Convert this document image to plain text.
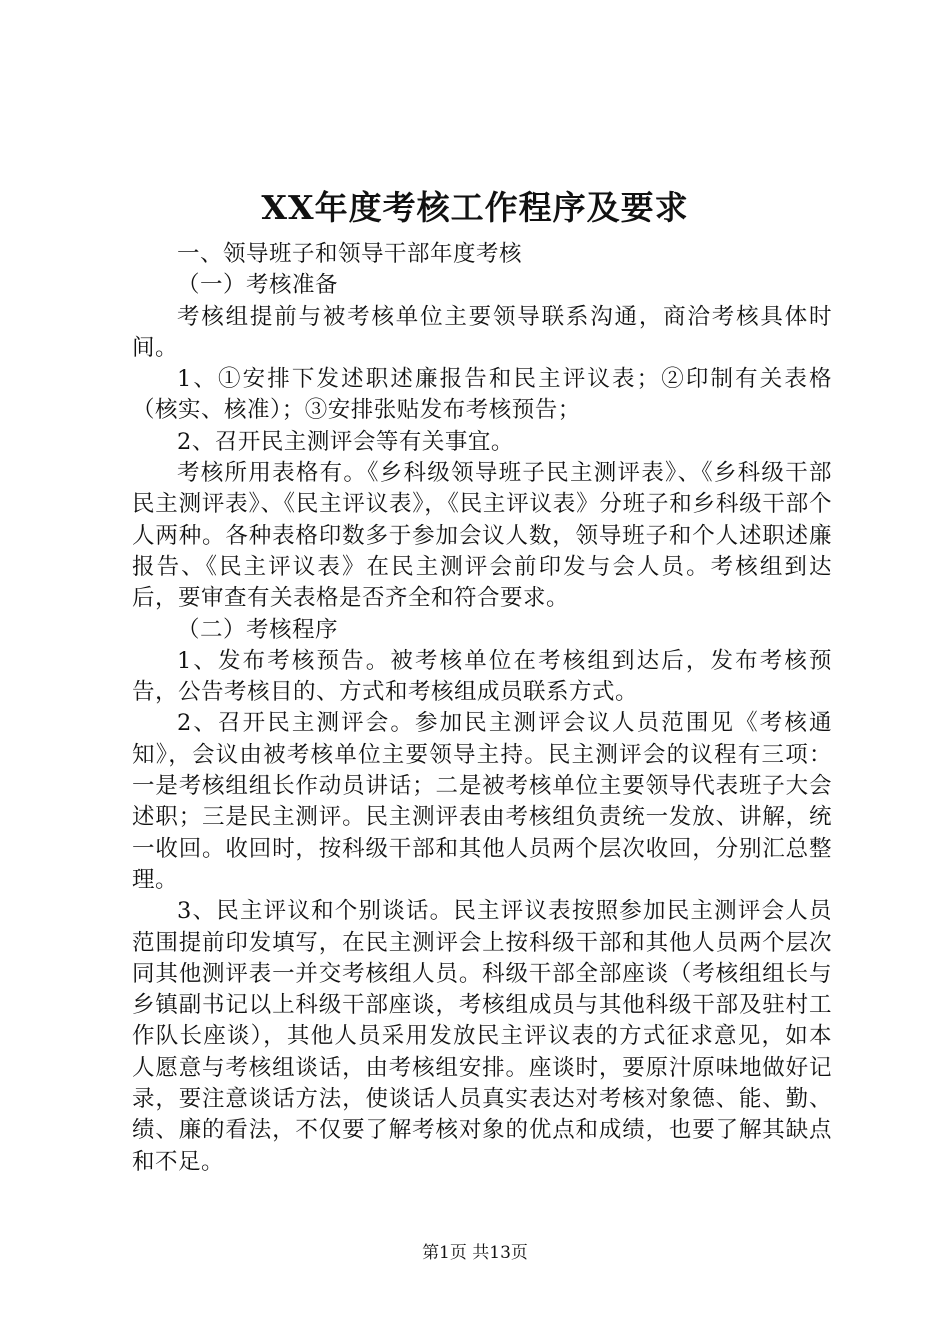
XX年度考核工作程序及要求

一、领导班子和领导干部年度考核

（一）考核准备

考核组提前与被考核单位主要领导联系沟通，商洽考核具体时间。

1、①安排下发述职述廉报告和民主评议表；②印制有关表格（核实、核准）；③安排张贴发布考核预告；

2、召开民主测评会等有关事宜。

考核所用表格有。《乡科级领导班子民主测评表》、《乡科级干部民主测评表》、《民主评议表》，《民主评议表》分班子和乡科级干部个人两种。各种表格印数多于参加会议人数，领导班子和个人述职述廉报告、《民主评议表》在民主测评会前印发与会人员。考核组到达后，要审查有关表格是否齐全和符合要求。

（二）考核程序

1、发布考核预告。被考核单位在考核组到达后，发布考核预告，公告考核目的、方式和考核组成员联系方式。

2、召开民主测评会。参加民主测评会议人员范围见《考核通知》，会议由被考核单位主要领导主持。民主测评会的议程有三项：一是考核组组长作动员讲话；二是被考核单位主要领导代表班子大会述职；三是民主测评。民主测评表由考核组负责统一发放、讲解，统一收回。收回时，按科级干部和其他人员两个层次收回，分别汇总整理。

3、民主评议和个别谈话。民主评议表按照参加民主测评会人员范围提前印发填写，在民主测评会上按科级干部和其他人员两个层次同其他测评表一并交考核组人员。科级干部全部座谈（考核组组长与乡镇副书记以上科级干部座谈，考核组成员与其他科级干部及驻村工作队长座谈），其他人员采用发放民主评议表的方式征求意见，如本人愿意与考核组谈话，由考核组安排。座谈时，要原汁原味地做好记录，要注意谈话方法，使谈话人员真实表达对考核对象德、能、勤、绩、廉的看法，不仅要了解考核对象的优点和成绩，也要了解其缺点和不足。

第1页 共13页
